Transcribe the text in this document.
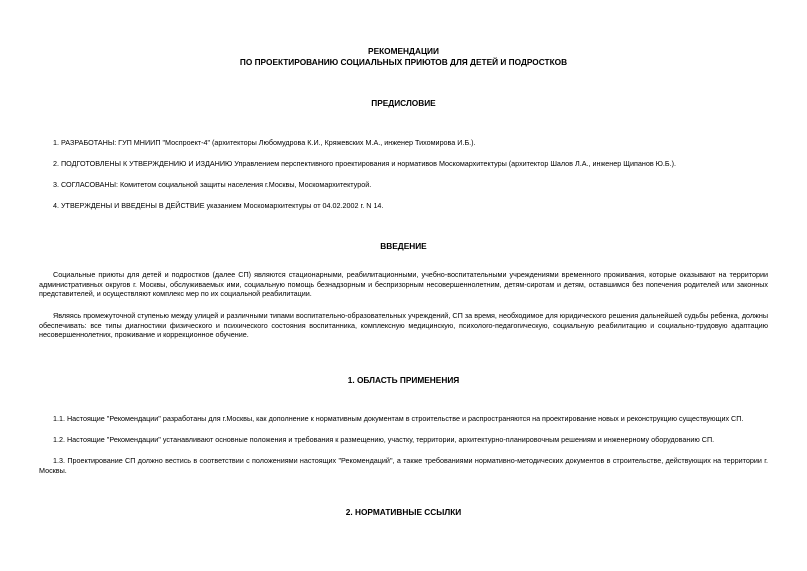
РЕКОМЕНДАЦИИ
ПО ПРОЕКТИРОВАНИЮ СОЦИАЛЬНЫХ ПРИЮТОВ ДЛЯ ДЕТЕЙ И ПОДРОСТКОВ
ПРЕДИСЛОВИЕ
1. РАЗРАБОТАНЫ: ГУП МНИИП "Моспроект-4" (архитекторы Любомудрова К.И., Кряжевских М.А., инженер Тихомирова И.Б.).
2. ПОДГОТОВЛЕНЫ К УТВЕРЖДЕНИЮ И ИЗДАНИЮ Управлением перспективного проектирования и нормативов Москомархитектуры (архитектор Шалов Л.А., инженер Щипанов Ю.Б.).
3. СОГЛАСОВАНЫ: Комитетом социальной защиты населения г.Москвы, Москомархитектурой.
4. УТВЕРЖДЕНЫ И ВВЕДЕНЫ В ДЕЙСТВИЕ указанием Москомархитектуры от 04.02.2002 г. N 14.
ВВЕДЕНИЕ
Социальные приюты для детей и подростков (далее СП) являются стационарными, реабилитационными, учебно-воспитательными учреждениями временного проживания, которые оказывают на территории
административных округов г. Москвы, обслуживаемых ими, социальную помощь безнадзорным и беспризорным несовершеннолетним, детям-сиротам и детям, оставшимся без попечения родителей или законных
представителей, и осуществляют комплекс мер по их социальной реабилитации.
Являясь промежуточной ступенью между улицей и различными типами воспитательно-образовательных учреждений, СП за время, необходимое для юридического решения дальнейшей судьбы ребенка, должны
обеспечивать: все типы диагностики физического и психического состояния воспитанника, комплексную медицинскую, психолого-педагогическую, социальную реабилитацию и социально-трудовую адаптацию
несовершеннолетних, проживание и коррекционное обучение.
1. ОБЛАСТЬ ПРИМЕНЕНИЯ
1.1. Настоящие "Рекомендации" разработаны для г.Москвы, как дополнение к нормативным документам в строительстве и распространяются на проектирование новых и реконструкцию существующих СП.
1.2. Настоящие "Рекомендации" устанавливают основные положения и требования к размещению, участку, территории, архитектурно-планировочным решениям и инженерному оборудованию СП.
1.3. Проектирование СП должно вестись в соответствии с положениями настоящих "Рекомендаций", а также требованиями нормативно-методических документов в строительстве, действующих на территории г.
Москвы.
2. НОРМАТИВНЫЕ ССЫЛКИ
